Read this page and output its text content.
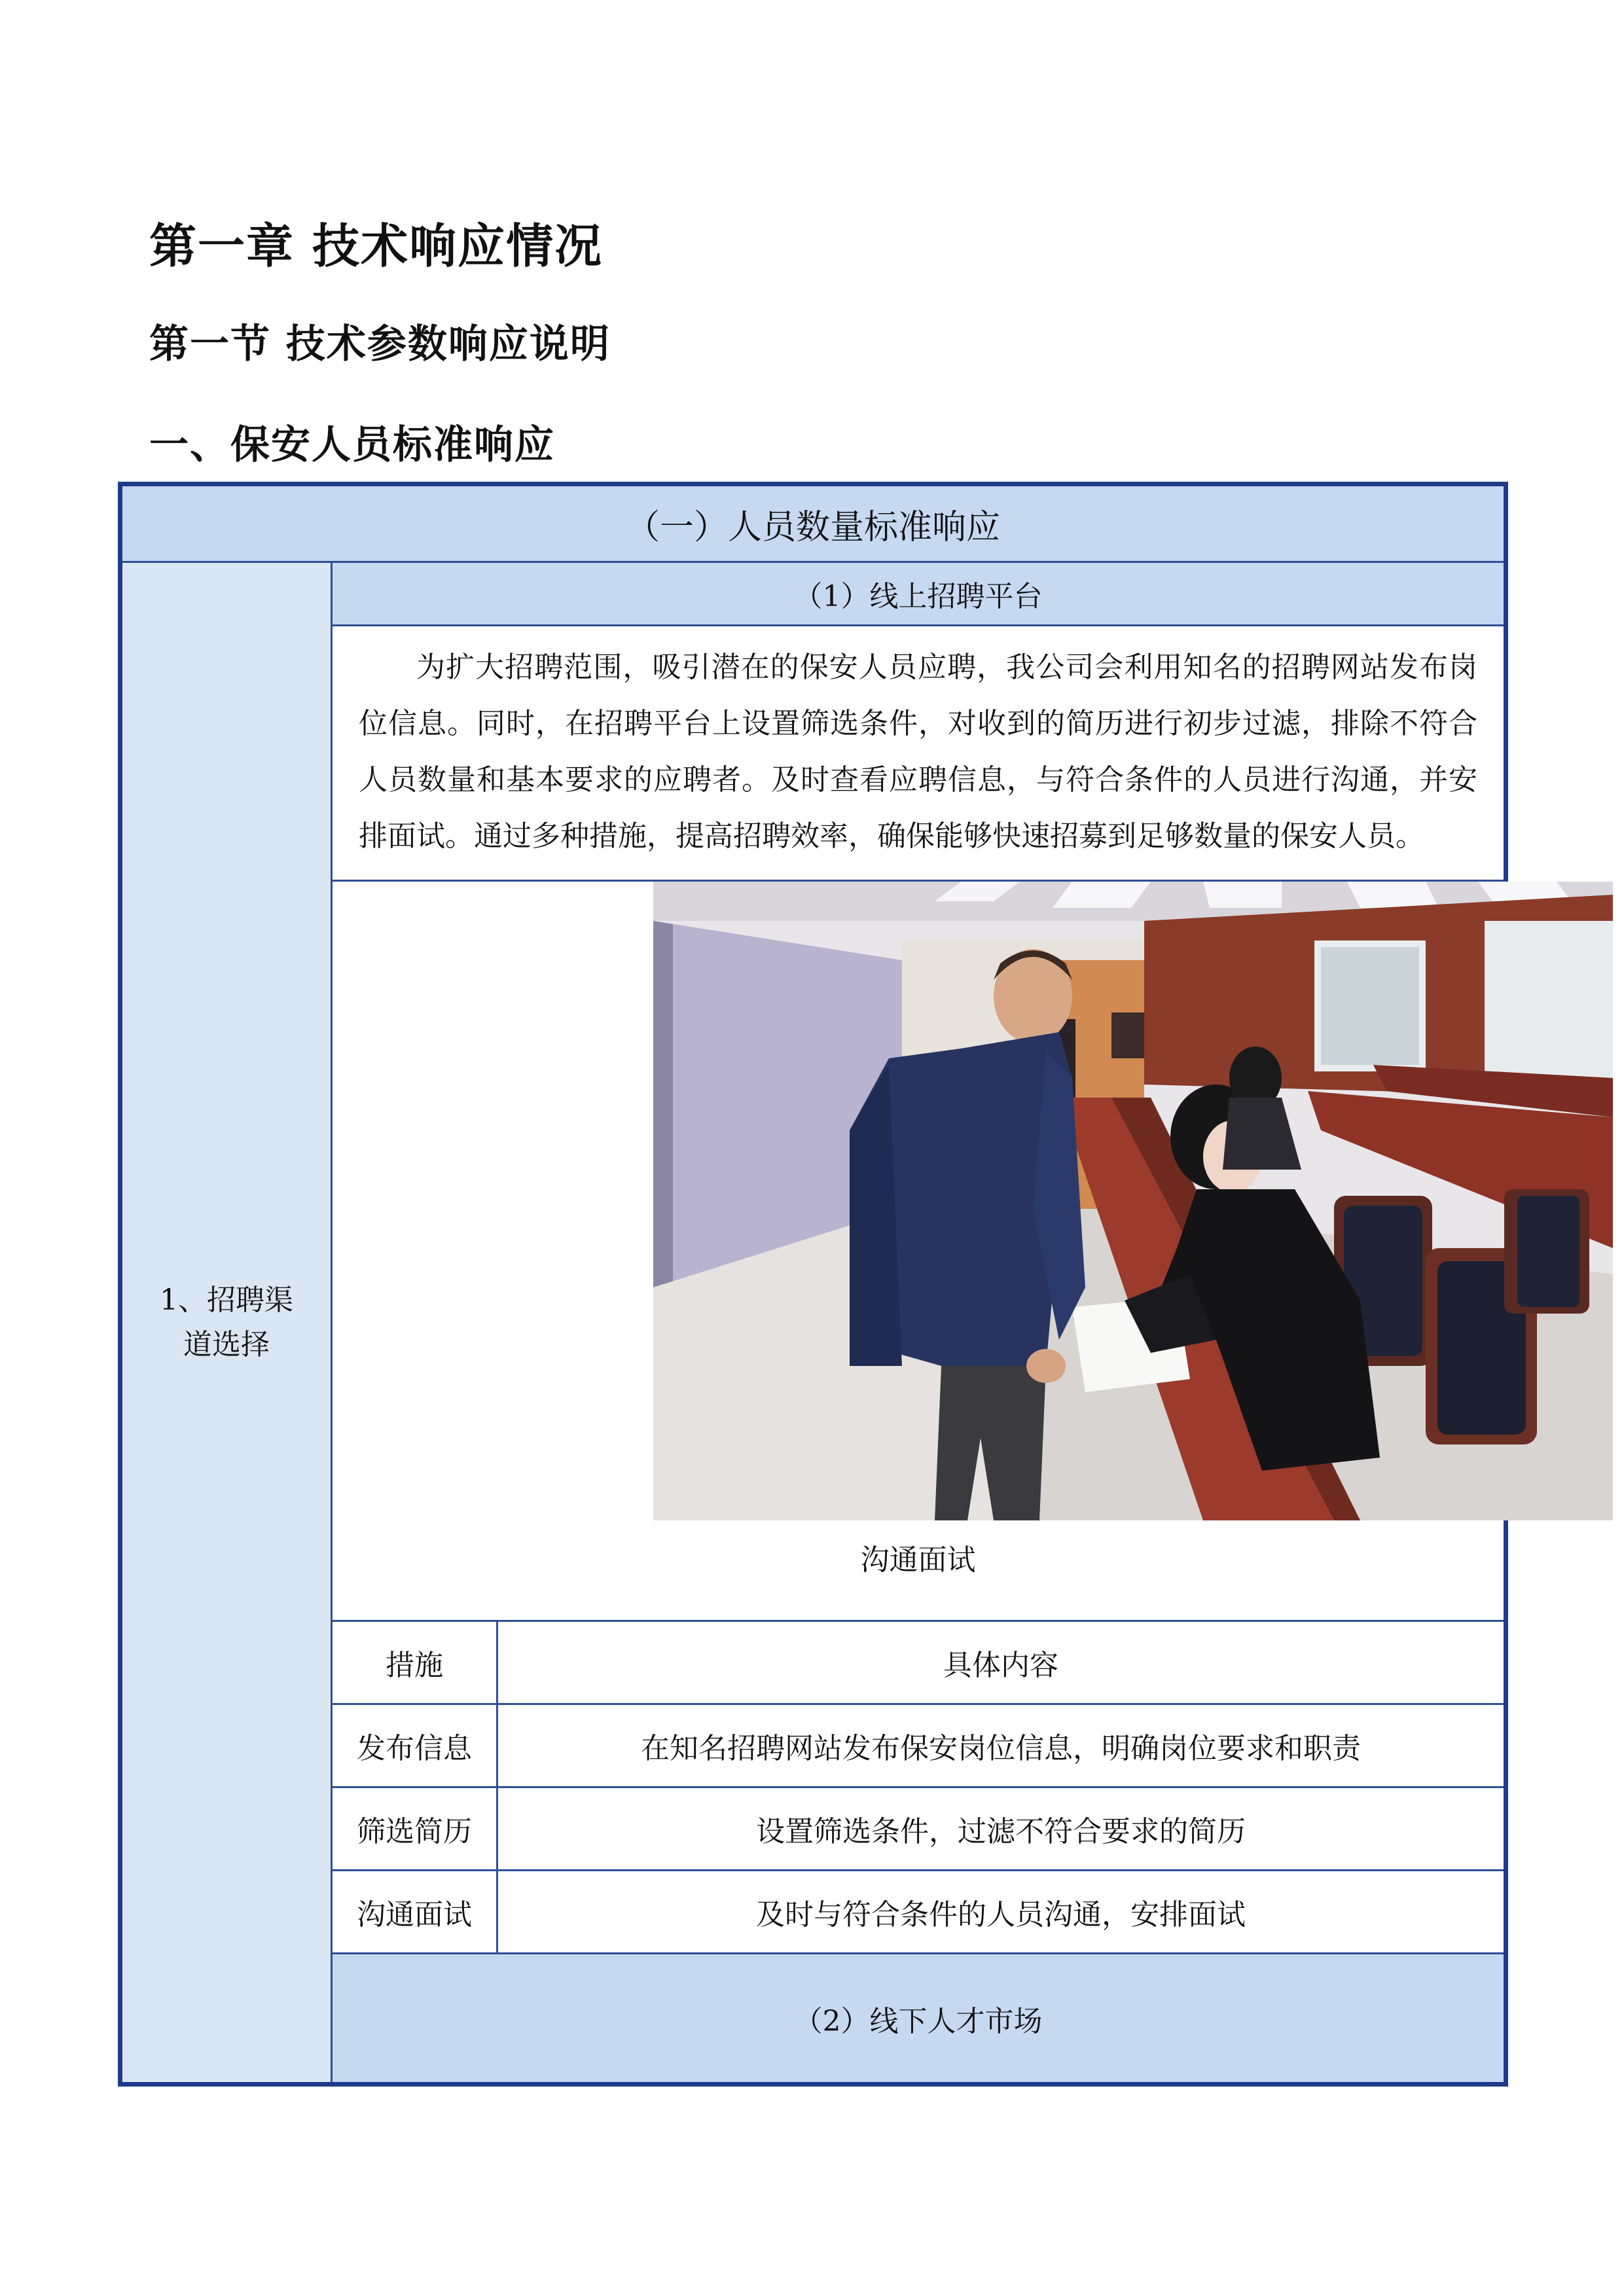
第一章 技术响应情况
第一节 技术参数响应说明
一、保安人员标准响应
（一）人员数量标准响应
1、招聘渠
道选择
（1）线上招聘平台
为扩大招聘范围，吸引潜在的保安人员应聘，我公司会利用知名的招聘网站发布岗位信息。同时，在招聘平台上设置筛选条件，对收到的简历进行初步过滤，排除不符合人员数量和基本要求的应聘者。及时查看应聘信息，与符合条件的人员进行沟通，并安排面试。通过多种措施，提高招聘效率，确保能够快速招募到足够数量的保安人员。
沟通面试
措施	具体内容
发布信息	在知名招聘网站发布保安岗位信息，明确岗位要求和职责
筛选简历	设置筛选条件，过滤不符合要求的简历
沟通面试	及时与符合条件的人员沟通，安排面试
（2）线下人才市场
